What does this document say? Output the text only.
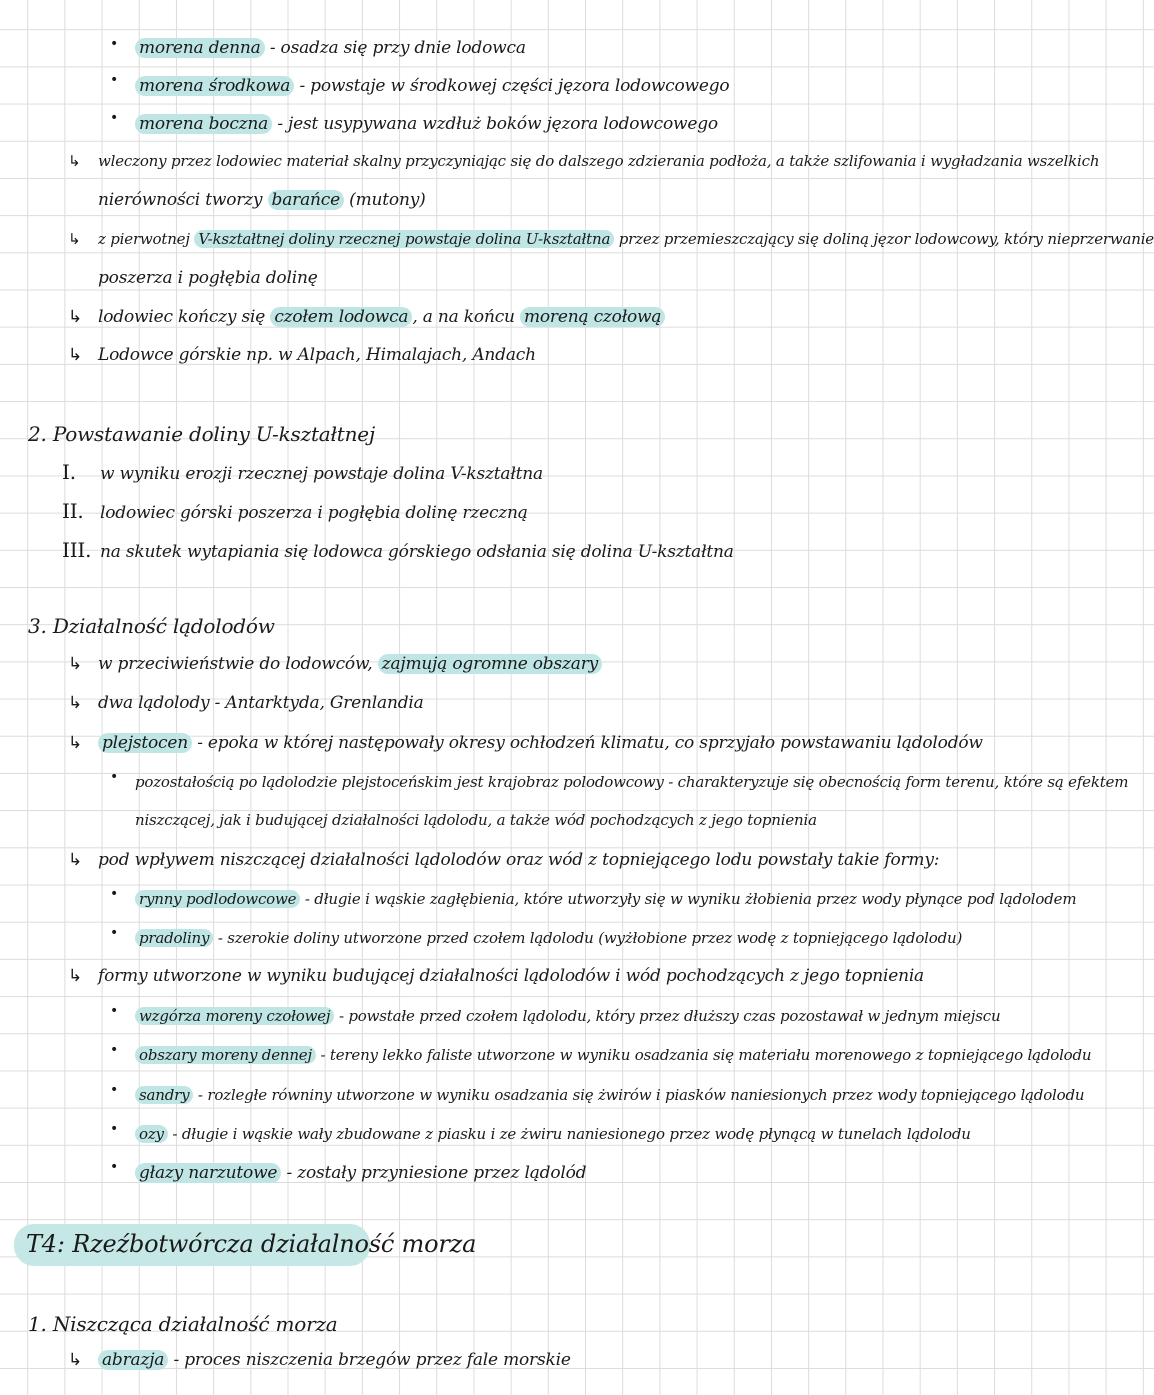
• morena denna - osadza się przy dnie lodowca
• morena środkowa - powstaje w środkowej części jęzora lodowcowego
• morena boczna - jest usypywana wzdłuż boków jęzora lodowcowego
↳ wleczony przez lodowiec materiał skalny przyczyniając się do dalszego zdzierania podłoża, a także szlifowania i wygładzania wszelkich
nierówności tworzy barańce (mutony)
↳ z pierwotnej V-kształtnej doliny rzecznej powstaje dolina U-kształtna przez przemieszczający się doliną jęzor lodowcowy, który nieprzerwanie
poszerza i pogłębia dolinę
↳ lodowiec kończy się czołem lodowca , a na końcu moreną czołową
↳ Lodowce górskie np. w Alpach, Himalajach, Andach
2. Powstawanie doliny U-kształtnej
I. w wyniku erozji rzecznej powstaje dolina V-kształtna
II. lodowiec górski poszerza i pogłębia dolinę rzeczną
III. na skutek wytapiania się lodowca górskiego odsłania się dolina U-kształtna
3. Działalność lądolodów
↳ w przeciwieństwie do lodowców, zajmują ogromne obszary
↳ dwa lądolody - Antarktyda, Grenlandia
↳ plejstocen - epoka w której następowały okresy ochłodzeń klimatu, co sprzyjało powstawaniu lądolodów
• pozostałością po lądolodzie plejstoceńskim jest krajobraz polodowcowy - charakteryzuje się obecnością form terenu, które są efektem
niszczącej, jak i budującej działalności lądolodu, a także wód pochodzących z jego topnienia
↳ pod wpływem niszczącej działalności lądolodów oraz wód z topniejącego lodu powstały takie formy:
• rynny podlodowcowe - długie i wąskie zagłębienia, które utworzyły się w wyniku żłobienia przez wody płynące pod lądolodem
• pradoliny - szerokie doliny utworzone przed czołem lądolodu (wyżłobione przez wodę z topniejącego lądolodu)
↳ formy utworzone w wyniku budującej działalności lądolodów i wód pochodzących z jego topnienia
• wzgórza moreny czołowej - powstałe przed czołem lądolodu, który przez dłuższy czas pozostawał w jednym miejscu
• obszary moreny dennej - tereny lekko faliste utworzone w wyniku osadzania się materiału morenowego z topniejącego lądolodu
• sandry - rozległe równiny utworzone w wyniku osadzania się żwirów i piasków naniesionych przez wody topniejącego lądolodu
• ozy - długie i wąskie wały zbudowane z piasku i ze żwiru naniesionego przez wodę płynącą w tunelach lądolodu
• głazy narzutowe - zostały przyniesione przez lądolód
T4: Rzeźbotwórcza działalność morza
1. Niszcząca działalność morza
↳ abrazja - proces niszczenia brzegów przez fale morskie
